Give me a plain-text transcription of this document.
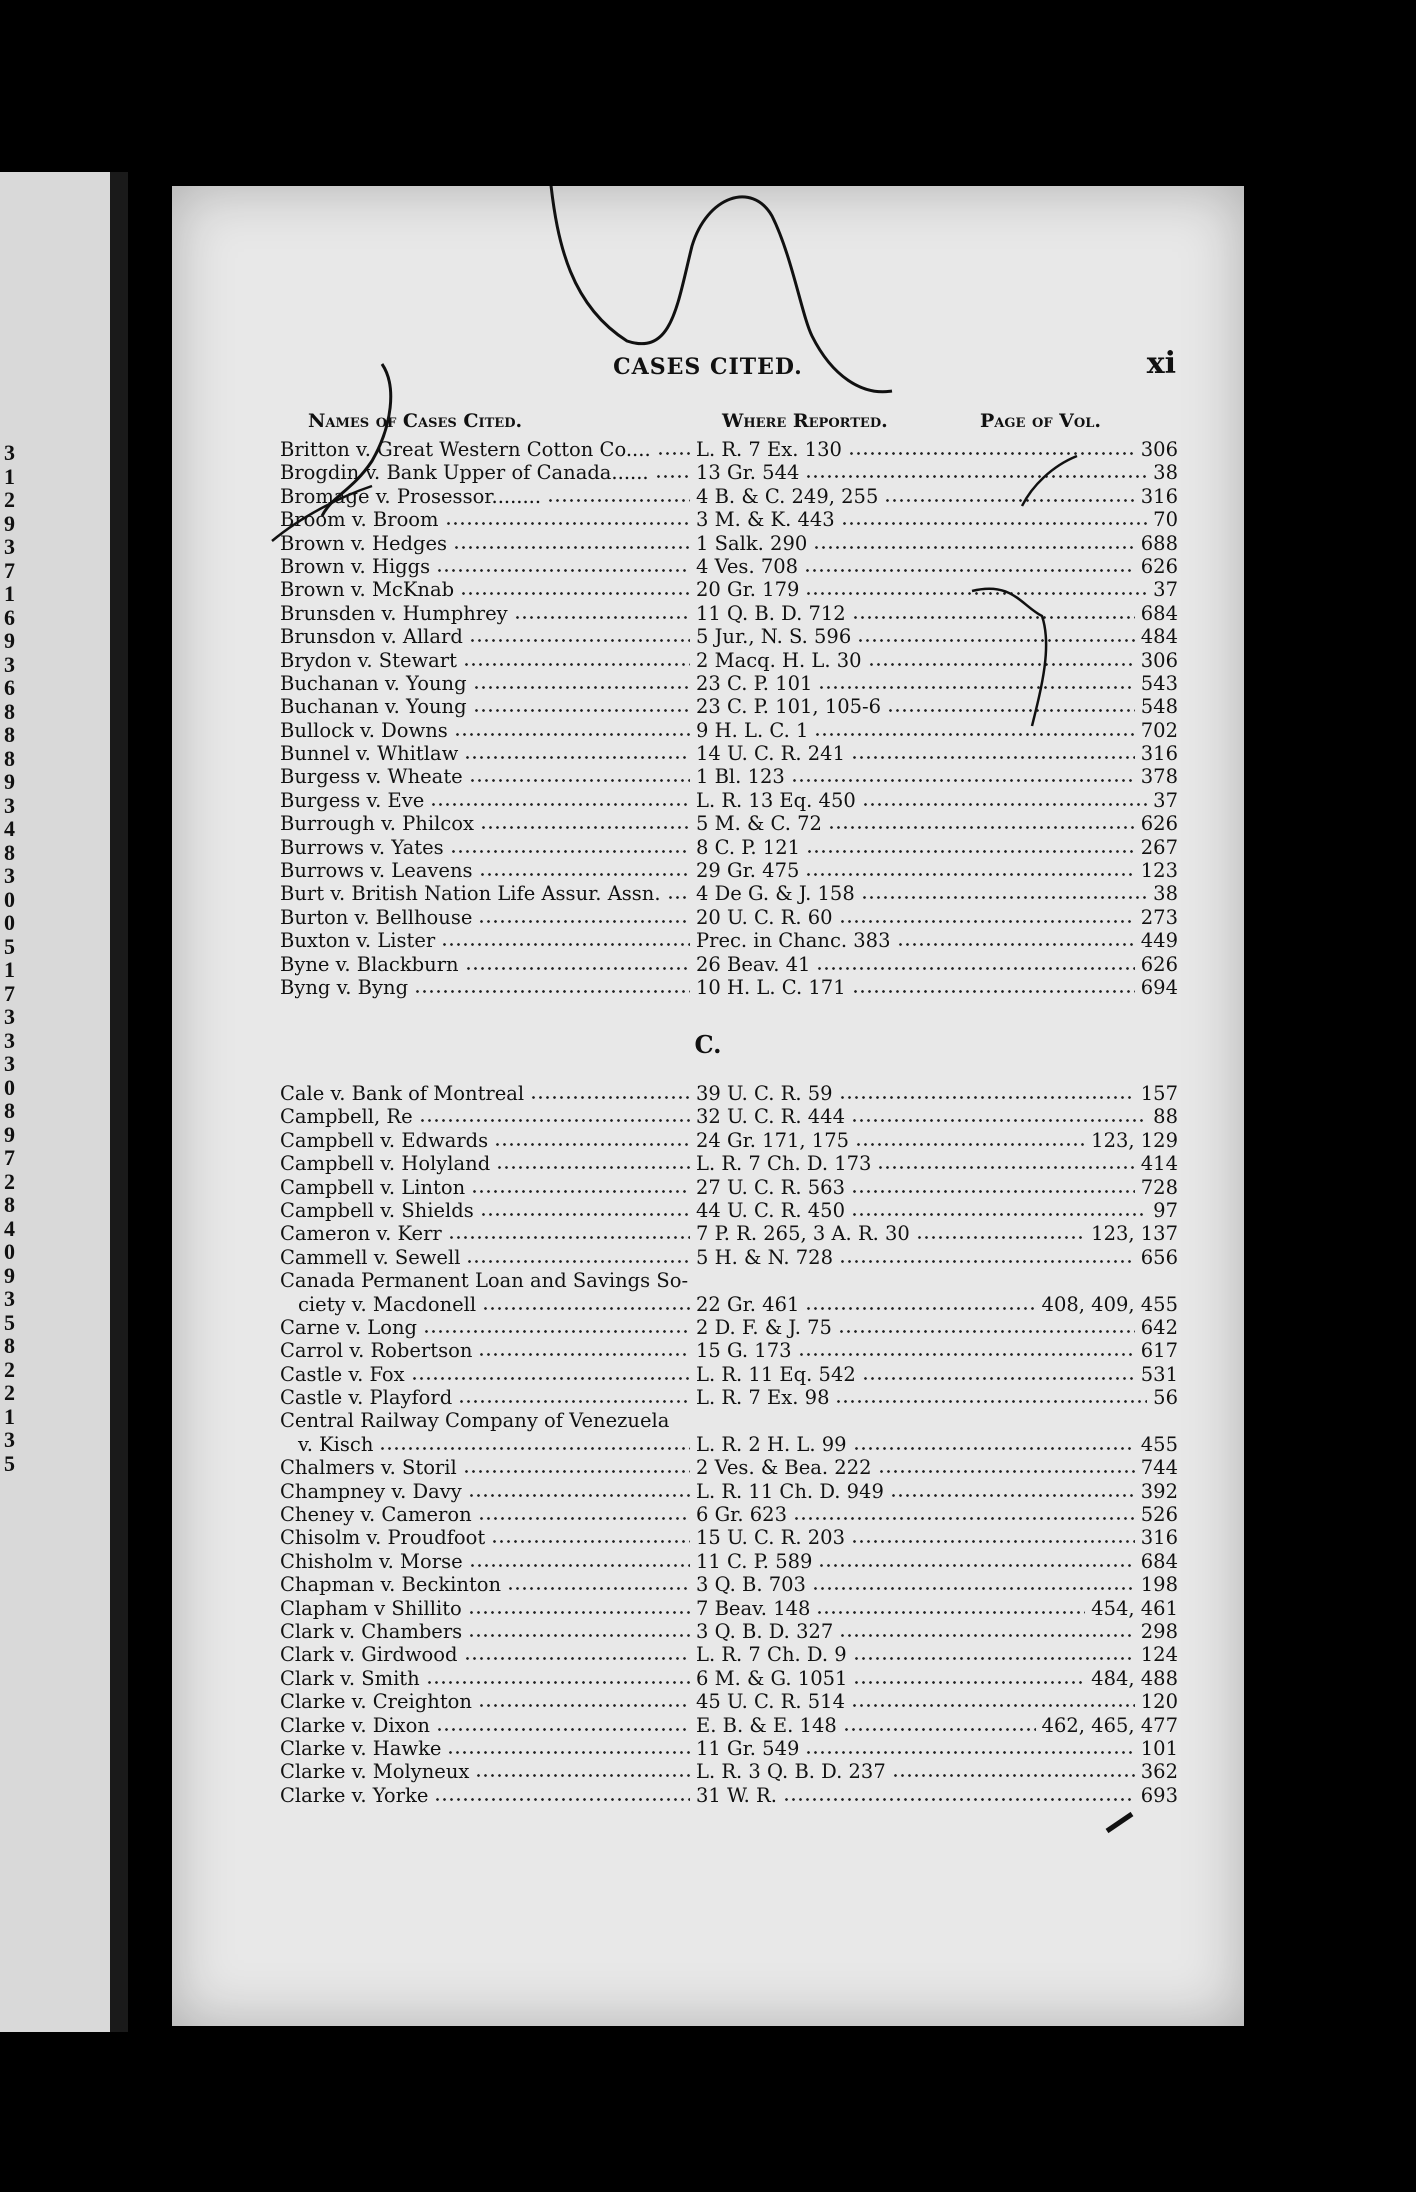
3
1
2
9
3
7
1
6
9
3
6
8
8
8
9
3
4
8
3
0
0
5
1
7
3
3
3
0
8
9
7
2
8
4
0
9
3
5
8
2
2
1
3
5
CASES CITED.	xi
Names of Cases Cited.	Where Reported.	Page of Vol.
Britton v. Great Western Cotton Co.... L. R. 7 Ex. 130	306
Brogdin v. Bank Upper of Canada...... 13 Gr. 544	38
Bromage v. Prosessor........	4 B. & C. 249, 255	316
Broom v. Broom	3 M. & K. 443	70
Brown v. Hedges	1 Salk. 290	688
Brown v. Higgs	4 Ves. 708	626
Brown v. McKnab	20 Gr. 179	37
Brunsden v. Humphrey	11 Q. B. D. 712	684
Brunsdon v. Allard	5 Jur., N. S. 596	484
Brydon v. Stewart	2 Macq. H. L. 30	306
Buchanan v. Young	23 C. P. 101	543
Buchanan v. Young	23 C. P. 101, 105-6	548
Bullock v. Downs	9 H. L. C. 1	702
Bunnel v. Whitlaw	14 U. C. R. 241	316
Burgess v. Wheate	1 Bl. 123	378
Burgess v. Eve	L. R. 13 Eq. 450	37
Burrough v. Philcox	5 M. & C. 72	626
Burrows v. Yates	8 C. P. 121	267
Burrows v. Leavens	29 Gr. 475	123
Burt v. British Nation Life Assur. Assn. 4 De G. & J. 158	38
Burton v. Bellhouse	20 U. C. R. 60	273
Buxton v. Lister	Prec. in Chanc. 383	449
Byne v. Blackburn	26 Beav. 41	626
Byng v. Byng	10 H. L. C. 171	694
C.
Cale v. Bank of Montreal	39 U. C. R. 59	157
Campbell, Re	32 U. C. R. 444	88
Campbell v. Edwards	24 Gr. 171, 175	123, 129
Campbell v. Holyland	L. R. 7 Ch. D. 173	414
Campbell v. Linton	27 U. C. R. 563	728
Campbell v. Shields	44 U. C. R. 450	97
Cameron v. Kerr	7 P. R. 265, 3 A. R. 30	123, 137
Cammell v. Sewell	5 H. & N. 728	656
Canada Permanent Loan and Savings So-
ciety v. Macdonell	22 Gr. 461	408, 409, 455
Carne v. Long	2 D. F. & J. 75	642
Carrol v. Robertson	15 G. 173	617
Castle v. Fox	L. R. 11 Eq. 542	531
Castle v. Playford	L. R. 7 Ex. 98	56
Central Railway Company of Venezuela
v. Kisch	L. R. 2 H. L. 99	455
Chalmers v. Storil	2 Ves. & Bea. 222	744
Champney v. Davy	L. R. 11 Ch. D. 949	392
Cheney v. Cameron	6 Gr. 623	526
Chisolm v. Proudfoot	15 U. C. R. 203	316
Chisholm v. Morse	11 C. P. 589	684
Chapman v. Beckinton	3 Q. B. 703	198
Clapham v Shillito	7 Beav. 148	454, 461
Clark v. Chambers	3 Q. B. D. 327	298
Clark v. Girdwood	L. R. 7 Ch. D. 9	124
Clark v. Smith	6 M. & G. 1051	484, 488
Clarke v. Creighton	45 U. C. R. 514	120
Clarke v. Dixon	E. B. & E. 148	462, 465, 477
Clarke v. Hawke	11 Gr. 549	101
Clarke v. Molyneux	L. R. 3 Q. B. D. 237	362
Clarke v. Yorke	31 W. R.	693
